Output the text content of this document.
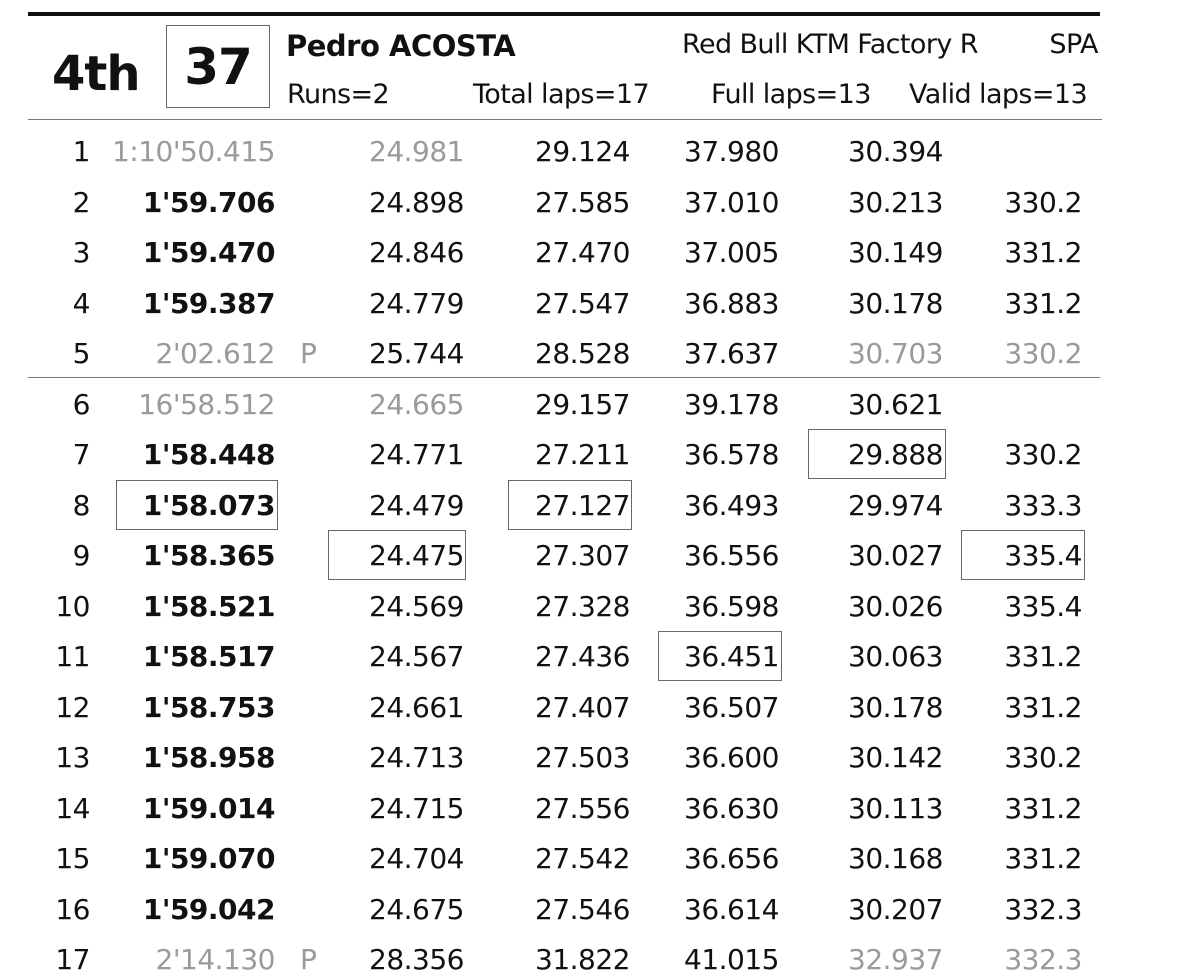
4th 37	Pedro ACOSTA	Red Bull KTM Factory R	SPA
Runs=2	Total laps=17 Full laps=13 Valid laps=13
1 1:10'50.415	24.981	29.124 37.980 30.394
2 1'59.706	24.898	27.585 37.010 30.213 330.2
3 1'59.470	24.846	27.470 37.005 30.149 331.2
4 1'59.387	24.779	27.547 36.883 30.178 331.2
5 2'02.612 P 25.744	28.528 37.637 30.703 330.2
6 16'58.512	24.665	29.157 39.178 30.621
7 1'58.448	24.771	27.211 36.578 29.888 330.2
8 1'58.073	24.479	27.127 36.493 29.974 333.3
9 1'58.365	24.475	27.307 36.556 30.027 335.4
10 1'58.521	24.569	27.328 36.598 30.026 335.4
11 1'58.517	24.567	27.436 36.451 30.063 331.2
12 1'58.753	24.661	27.407 36.507 30.178 331.2
13 1'58.958	24.713	27.503 36.600 30.142 330.2
14 1'59.014	24.715	27.556 36.630 30.113 331.2
15 1'59.070	24.704	27.542 36.656 30.168 331.2
16 1'59.042	24.675	27.546 36.614 30.207 332.3
17 2'14.130 P 28.356	31.822 41.015 32.937 332.3
